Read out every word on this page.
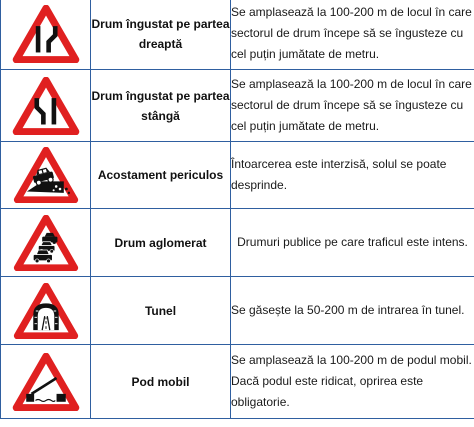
	Drum îngustat pe partea dreaptă	Se amplasează la 100-200 m de locul în care sectorul de drum începe să se îngusteze cu cel puțin jumătate de metru.

	Drum îngustat pe partea stângă	Se amplasează la 100-200 m de locul în care sectorul de drum începe să se îngusteze cu cel puțin jumătate de metru.

	Acostament periculos	Întoarcerea este interzisă, solul se poate desprinde.

	Drum aglomerat	Drumuri publice pe care traficul este intens.

	Tunel	Se găsește la 50-200 m de intrarea în tunel.

	Pod mobil	Se amplasează la 100-200 m de podul mobil. Dacă podul este ridicat, oprirea este obligatorie.
